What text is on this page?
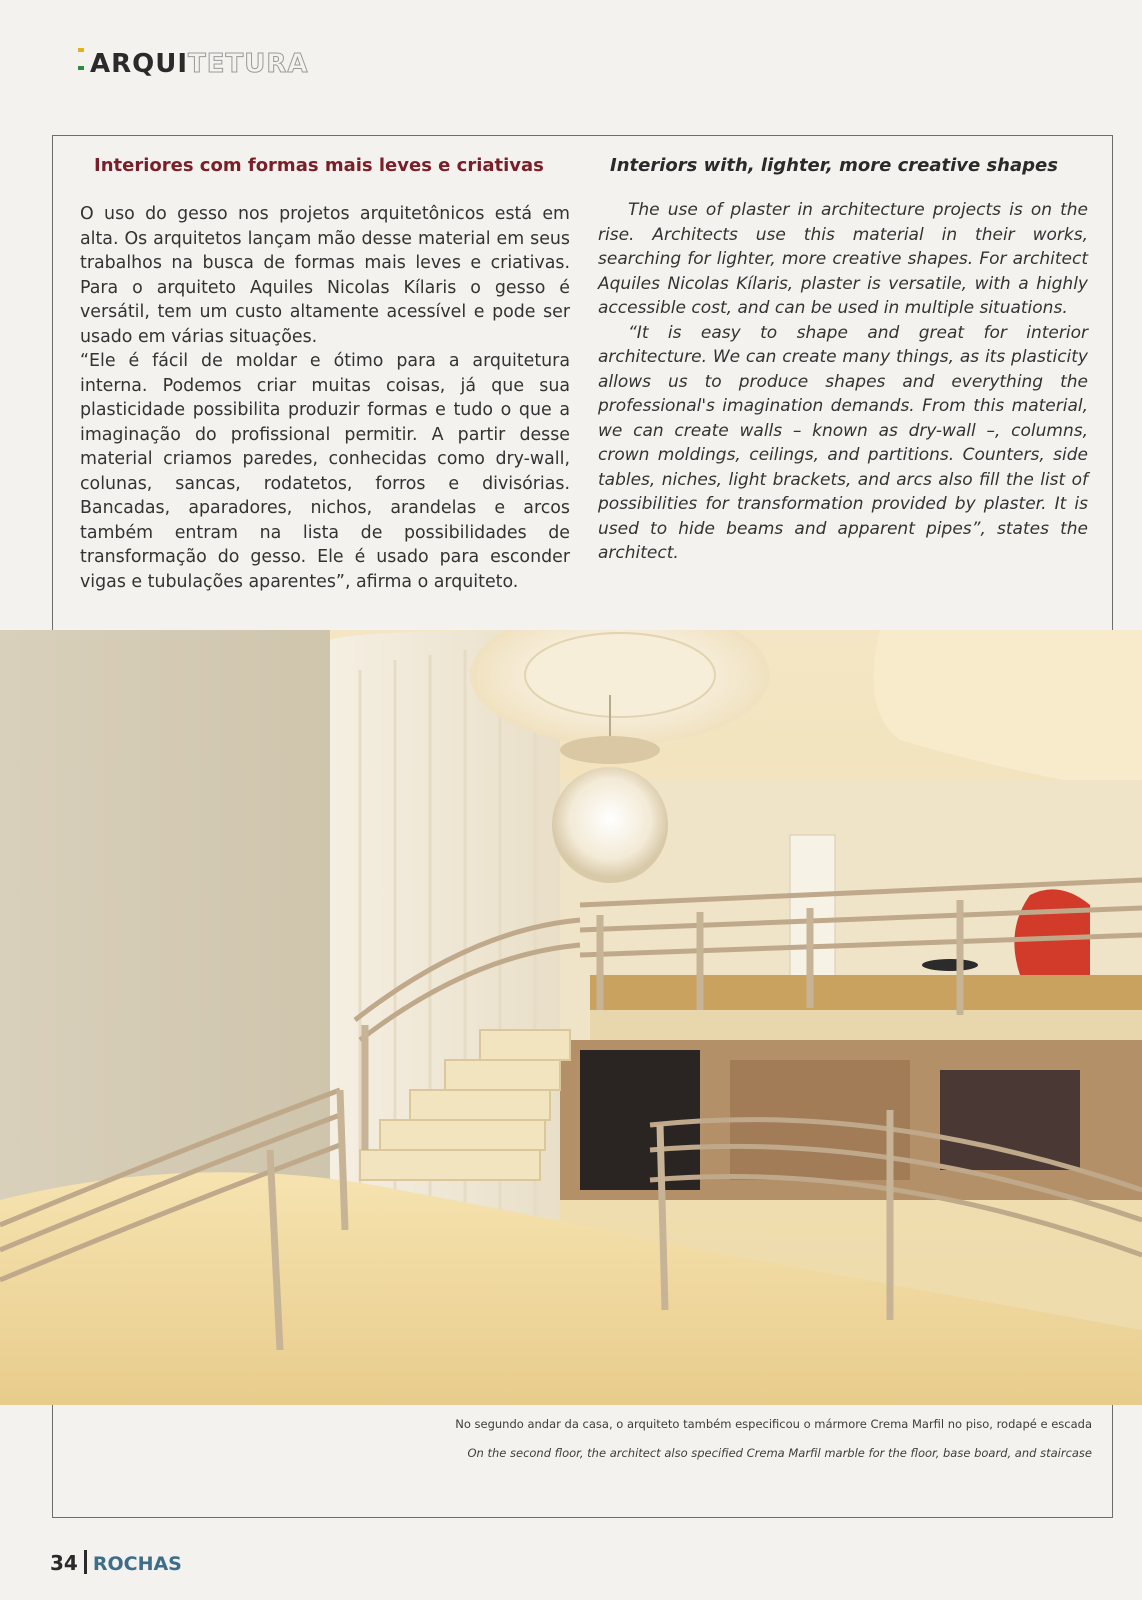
ARQUITETURA
Interiores com formas mais leves e criativas

O uso do gesso nos projetos arquitetônicos está em alta. Os arquitetos lançam mão desse material em seus trabalhos na busca de formas mais leves e criativas. Para o arquiteto Aquiles Nicolas Kílaris o gesso é versátil, tem um custo altamente acessível e pode ser usado em várias situações.

“Ele é fácil de moldar e ótimo para a arquitetura interna. Podemos criar muitas coisas, já que sua plasticidade possibilita produzir formas e tudo o que a imaginação do profissional permitir. A partir desse material criamos paredes, conhecidas como dry-wall, colunas, sancas, rodatetos, forros e divisórias. Bancadas, aparadores, nichos, arandelas e arcos também entram na lista de possibilidades de transformação do gesso. Ele é usado para esconder vigas e tubulações aparentes”, afirma o arquiteto.

Interiors with, lighter, more creative shapes

The use of plaster in architecture projects is on the rise. Architects use this material in their works, searching for lighter, more creative shapes. For architect Aquiles Nicolas Kílaris, plaster is versatile, with a highly accessible cost, and can be used in multiple situations.

“It is easy to shape and great for interior architecture. We can create many things, as its plasticity allows us to produce shapes and everything the professional's imagination demands. From this material, we can create walls – known as dry-wall –, columns, crown moldings, ceilings, and partitions. Counters, side tables, niches, light brackets, and arcs also fill the list of possibilities for transformation provided by plaster. It is used to hide beams and apparent pipes”, states the architect.

No segundo andar da casa, o arquiteto também especificou o mármore Crema Marfil no piso, rodapé e escada
On the second floor, the architect also specified Crema Marfil marble for the floor, base board, and staircase
34 ROCHAS
